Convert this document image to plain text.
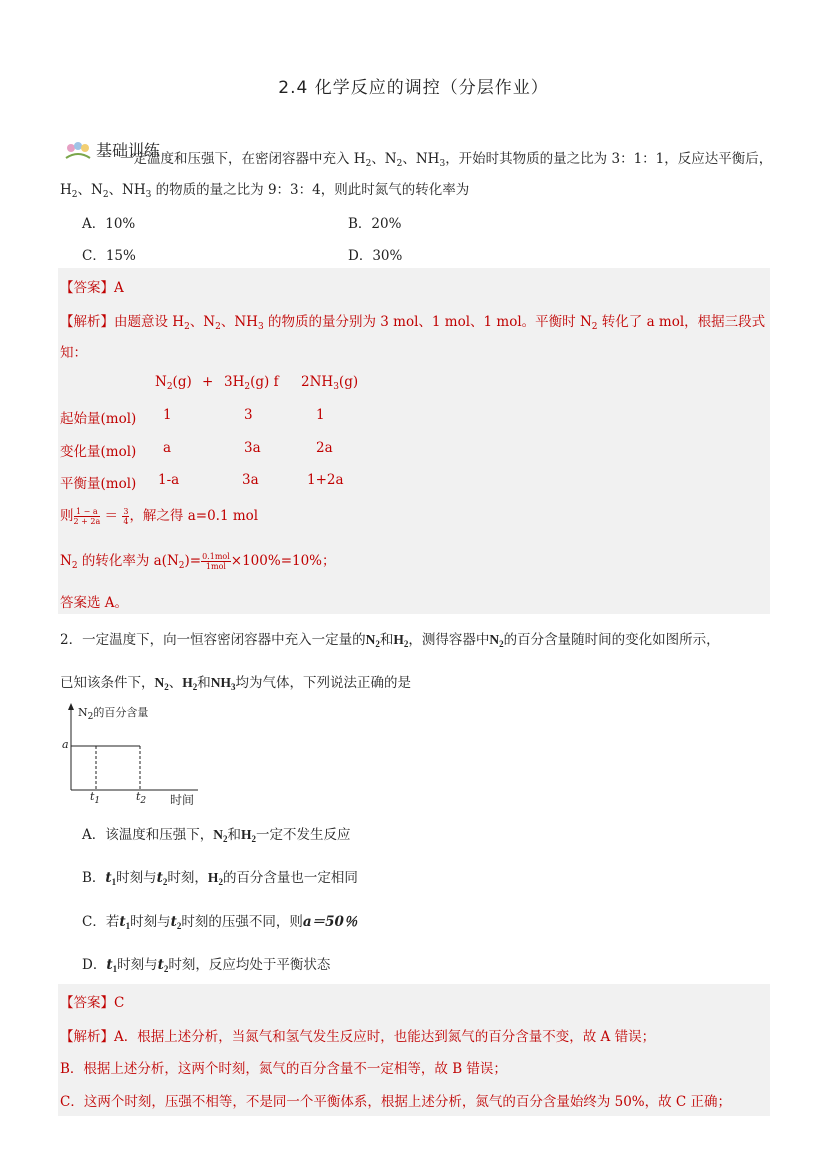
2.4 化学反应的调控（分层作业）
基础训练
一定温度和压强下，在密闭容器中充入 $H_2$、$N_2$、$NH_3$，开始时其物质的量之比为 3：1：1，反应达平衡后，
$H_2$、$N_2$、$NH_3$ 的物质的量之比为 9：3：4，则此时氮气的转化率为
A．10%	B．20%
C．15%	D．30%
【答案】A
【解析】由题意设 $H_2$、$N_2$、$NH_3$ 的物质的量分别为 3 mol、1 mol、1 mol。平衡时 $N_2$ 转化了 a mol，根据三段式
知：
$N_2(g) + 3H_2(g)$ f $2NH_3(g)$
起始量(mol) 1	3	1
变化量(mol) a	3a	2a
平衡量(mol) 1-a	3a	1+2a
则 $\frac{1 - a}{2 + 2a} = \frac{3}{4}$ ，解之得 a=0.1 mol
$N_2$ 的转化率为 $a(N_2)= \frac{\text{0.1mol}}{\text{1mol}} \times 100\%=10\%$；
答案选 A。
2．一定温度下，向一恒容密闭容器中充入一定量的$N_2$和$H_2$，测得容器中$N_2$的百分含量随时间的变化如图所示，
已知该条件下，$N_2$、$H_2$和$NH_3$均为气体，下列说法正确的是
$N_2$的百分含量
a
$t_1$	$t_2$ 时间
A．该温度和压强下，$N_2$和$H_2$一定不发生反应
B．$t_1$时刻与$t_2$时刻，$H_2$的百分含量也一定相同
C．若$t_1$时刻与$t_2$时刻的压强不同，则a＝50％
D．$t_1$时刻与$t_2$时刻，反应均处于平衡状态
【答案】C
【解析】A．根据上述分析，当氮气和氢气发生反应时，也能达到氮气的百分含量不变，故 A 错误；
B．根据上述分析，这两个时刻，氮气的百分含量不一定相等，故 B 错误；
C．这两个时刻，压强不相等，不是同一个平衡体系，根据上述分析，氮气的百分含量始终为 50%，故 C 正确；
